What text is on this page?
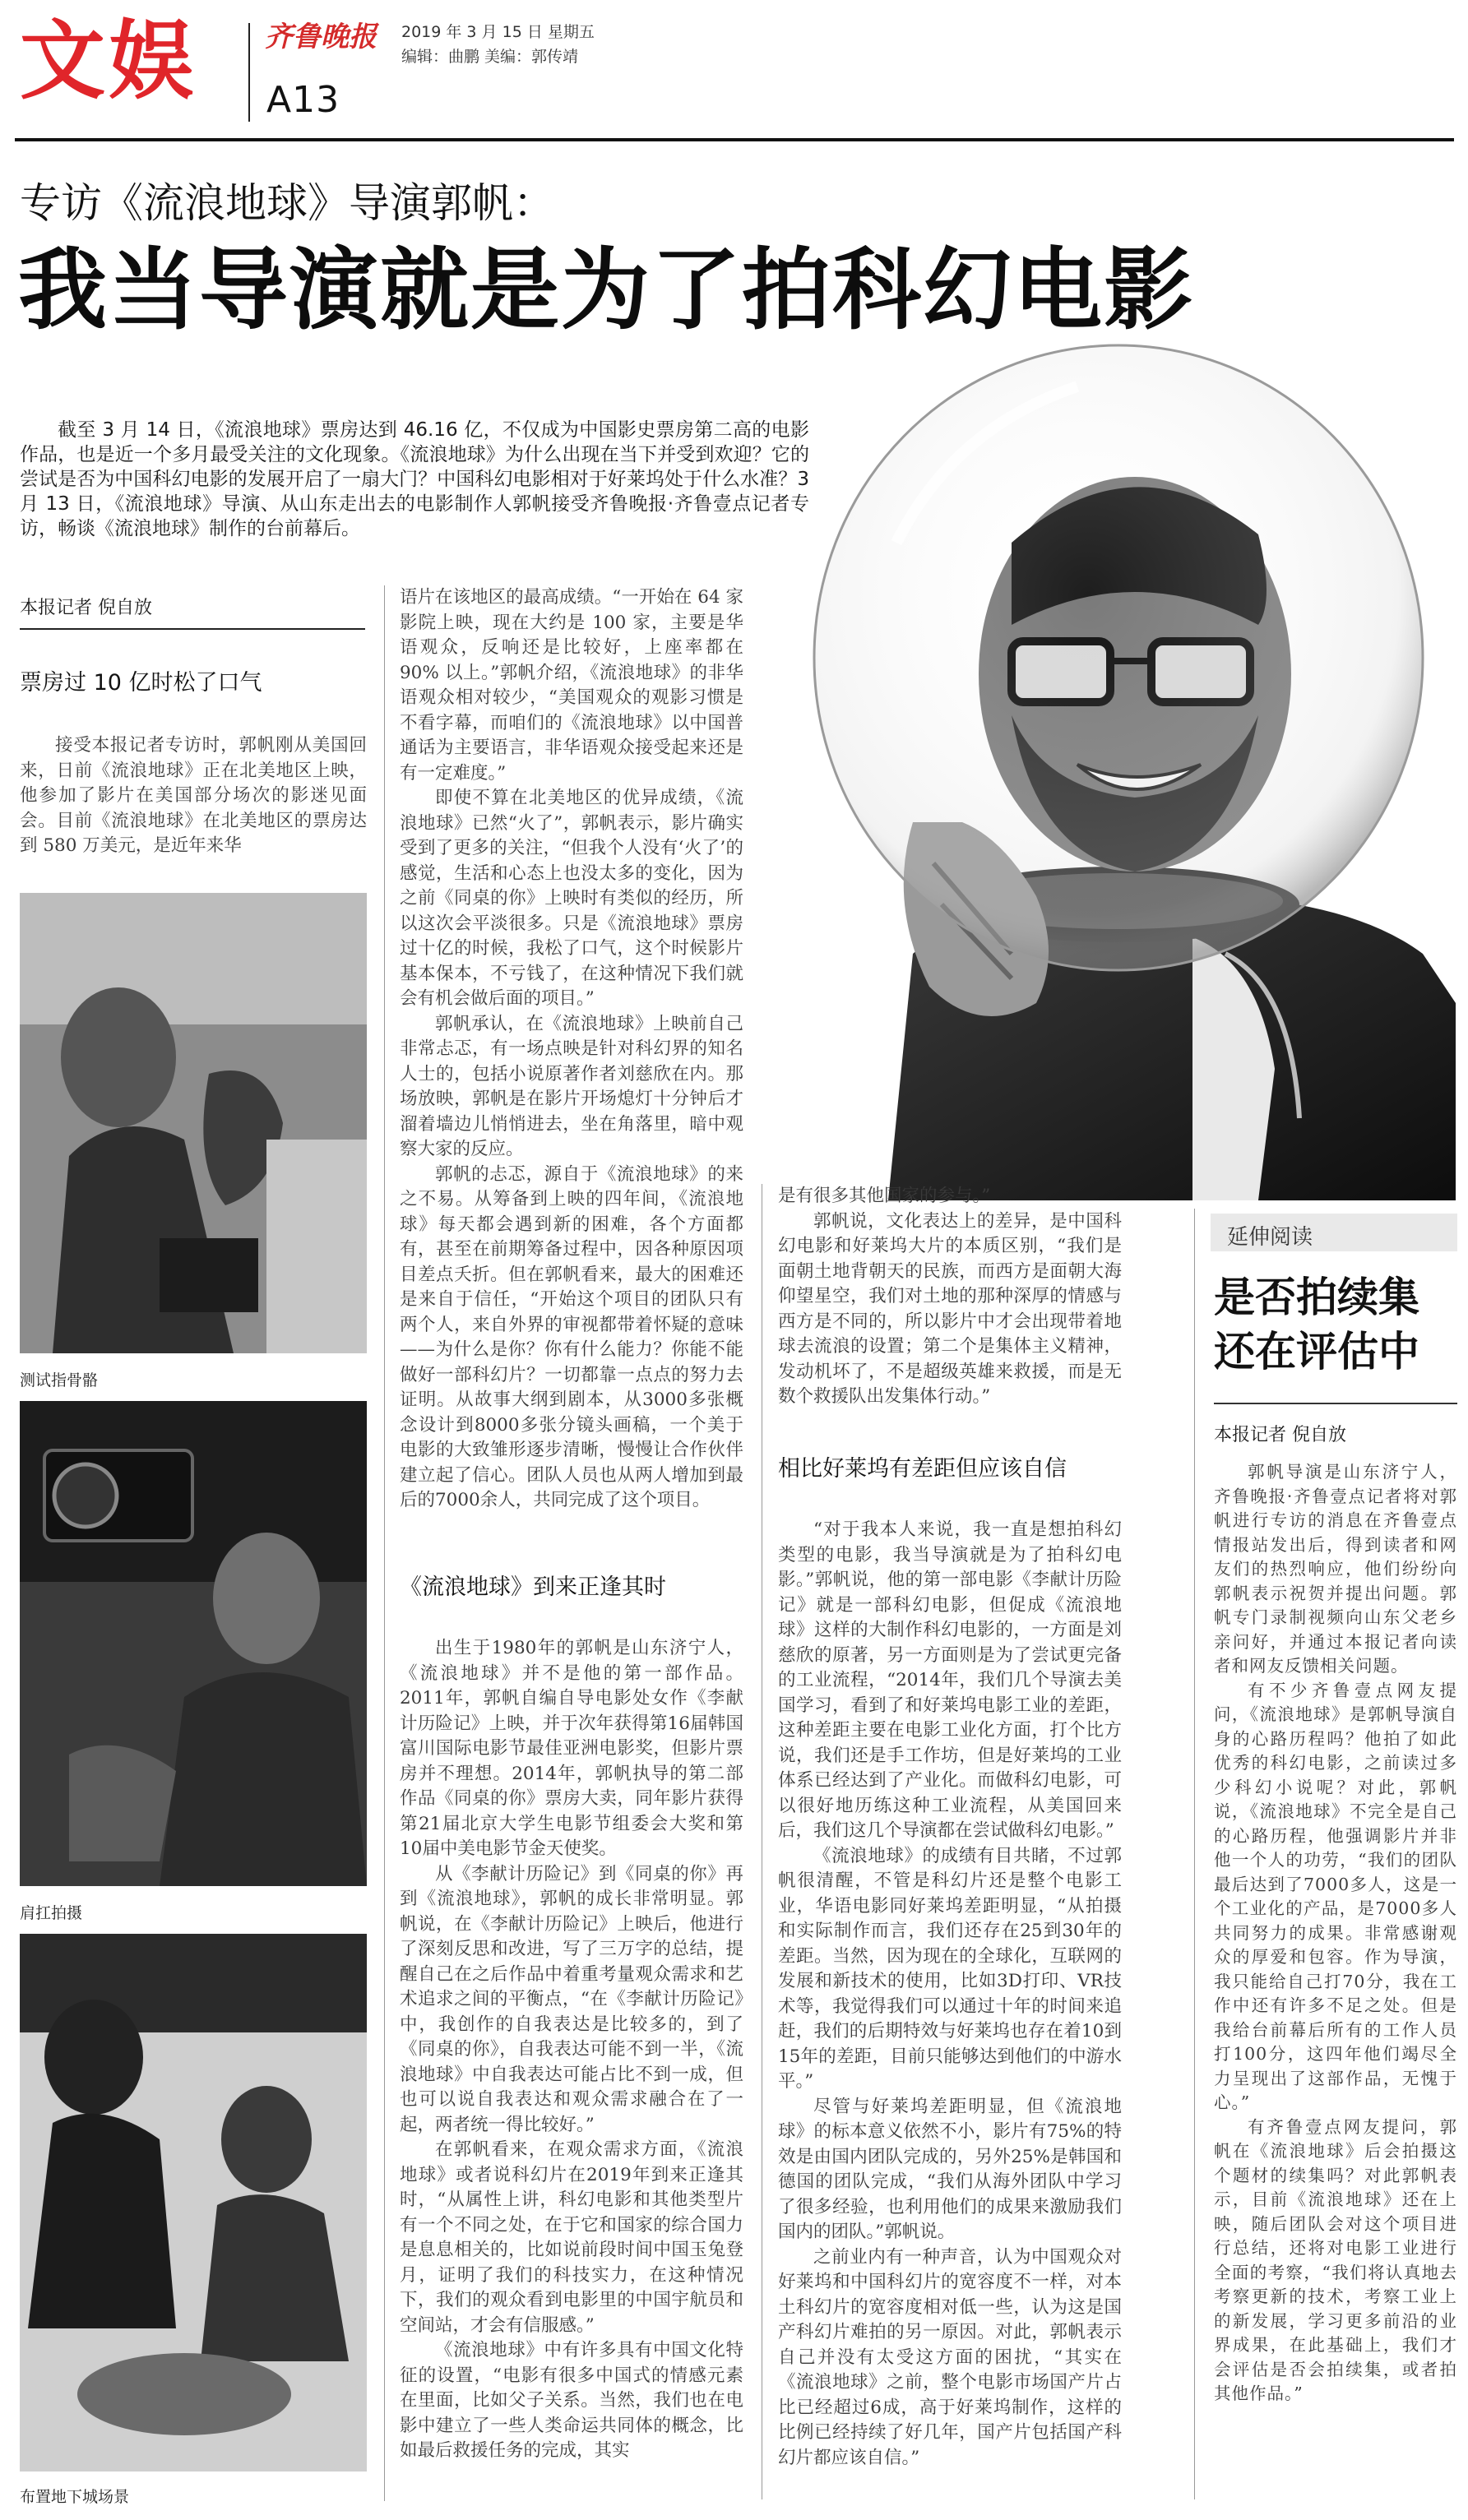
文娱 齐鲁晚报 2019 年 3 月 15 日 星期五
编辑：曲鹏 美编：郭传靖
A13
专访《流浪地球》导演郭帆：
我当导演就是为了拍科幻电影

截至 3 月 14 日，《流浪地球》票房达到 46.16 亿，不仅成为中国影史票房第二高的电影作品，也是近一个多月最受关注的文化现象。《流浪地球》为什么出现在当下并受到欢迎？它的尝试是否为中国科幻电影的发展开启了一扇大门？中国科幻电影相对于好莱坞处于什么水准？3 月 13 日，《流浪地球》导演、从山东走出去的电影制作人郭帆接受齐鲁晚报·齐鲁壹点记者专访，畅谈《流浪地球》制作的台前幕后。

本报记者 倪自放
票房过 10 亿时松了口气

接受本报记者专访时，郭帆刚从美国回来，日前《流浪地球》正在北美地区上映，他参加了影片在美国部分场次的影迷见面会。目前《流浪地球》在北美地区的票房达到 580 万美元，是近年来华

测试指骨骼
肩扛拍摄
布置地下城场景

语片在该地区的最高成绩。“一开始在 64 家影院上映，现在大约是 100 家，主要是华语观众，反响还是比较好，上座率都在 90% 以上。”郭帆介绍，《流浪地球》的非华语观众相对较少，“美国观众的观影习惯是不看字幕，而咱们的《流浪地球》以中国普通话为主要语言，非华语观众接受起来还是有一定难度。”

即使不算在北美地区的优异成绩，《流浪地球》已然“火了”，郭帆表示，影片确实受到了更多的关注，“但我个人没有‘火了’的感觉，生活和心态上也没太多的变化，因为之前《同桌的你》上映时有类似的经历，所以这次会平淡很多。只是《流浪地球》票房过十亿的时候，我松了口气，这个时候影片基本保本，不亏钱了，在这种情况下我们就会有机会做后面的项目。”

郭帆承认，在《流浪地球》上映前自己非常忐忑，有一场点映是针对科幻界的知名人士的，包括小说原著作者刘慈欣在内。那场放映，郭帆是在影片开场熄灯十分钟后才溜着墙边儿悄悄进去，坐在角落里，暗中观察大家的反应。

郭帆的忐忑，源自于《流浪地球》的来之不易。从筹备到上映的四年间，《流浪地球》每天都会遇到新的困难，各个方面都有，甚至在前期筹备过程中，因各种原因项目差点夭折。但在郭帆看来，最大的困难还是来自于信任，“开始这个项目的团队只有两个人，来自外界的审视都带着怀疑的意味——为什么是你？你有什么能力？你能不能做好一部科幻片？一切都靠一点点的努力去证明。从故事大纲到剧本，从3000多张概念设计到8000多张分镜头画稿，一个美于电影的大致雏形逐步清晰，慢慢让合作伙伴建立起了信心。团队人员也从两人增加到最后的7000余人，共同完成了这个项目。

《流浪地球》到来正逢其时

出生于1980年的郭帆是山东济宁人，《流浪地球》并不是他的第一部作品。2011年，郭帆自编自导电影处女作《李献计历险记》上映，并于次年获得第16届韩国富川国际电影节最佳亚洲电影奖，但影片票房并不理想。2014年，郭帆执导的第二部作品《同桌的你》票房大卖，同年影片获得第21届北京大学生电影节组委会大奖和第10届中美电影节金天使奖。

从《李献计历险记》到《同桌的你》再到《流浪地球》，郭帆的成长非常明显。郭帆说，在《李献计历险记》上映后，他进行了深刻反思和改进，写了三万字的总结，提醒自己在之后作品中着重考量观众需求和艺术追求之间的平衡点，“在《李献计历险记》中，我创作的自我表达是比较多的，到了《同桌的你》，自我表达可能不到一半，《流浪地球》中自我表达可能占比不到一成，但也可以说自我表达和观众需求融合在了一起，两者统一得比较好。”

在郭帆看来，在观众需求方面，《流浪地球》或者说科幻片在2019年到来正逢其时，“从属性上讲，科幻电影和其他类型片有一个不同之处，在于它和国家的综合国力是息息相关的，比如说前段时间中国玉兔登月，证明了我们的科技实力，在这种情况下，我们的观众看到电影里的中国宇航员和空间站，才会有信服感。”

《流浪地球》中有许多具有中国文化特征的设置，“电影有很多中国式的情感元素在里面，比如父子关系。当然，我们也在电影中建立了一些人类命运共同体的概念，比如最后救援任务的完成，其实

是有很多其他国家的参与。”

郭帆说，文化表达上的差异，是中国科幻电影和好莱坞大片的本质区别，“我们是面朝土地背朝天的民族，而西方是面朝大海仰望星空，我们对土地的那种深厚的情感与西方是不同的，所以影片中才会出现带着地球去流浪的设置；第二个是集体主义精神，发动机坏了，不是超级英雄来救援，而是无数个救援队出发集体行动。”

相比好莱坞有差距但应该自信

“对于我本人来说，我一直是想拍科幻类型的电影，我当导演就是为了拍科幻电影。”郭帆说，他的第一部电影《李献计历险记》就是一部科幻电影，但促成《流浪地球》这样的大制作科幻电影的，一方面是刘慈欣的原著，另一方面则是为了尝试更完备的工业流程，“2014年，我们几个导演去美国学习，看到了和好莱坞电影工业的差距，这种差距主要在电影工业化方面，打个比方说，我们还是手工作坊，但是好莱坞的工业体系已经达到了产业化。而做科幻电影，可以很好地历练这种工业流程，从美国回来后，我们这几个导演都在尝试做科幻电影。”

《流浪地球》的成绩有目共睹，不过郭帆很清醒，不管是科幻片还是整个电影工业，华语电影同好莱坞差距明显，“从拍摄和实际制作而言，我们还存在25到30年的差距。当然，因为现在的全球化，互联网的发展和新技术的使用，比如3D打印、VR技术等，我觉得我们可以通过十年的时间来追赶，我们的后期特效与好莱坞也存在着10到15年的差距，目前只能够达到他们的中游水平。”

尽管与好莱坞差距明显，但《流浪地球》的标本意义依然不小，影片有75%的特效是由国内团队完成的，另外25%是韩国和德国的团队完成，“我们从海外团队中学习了很多经验，也利用他们的成果来激励我们国内的团队。”郭帆说。

之前业内有一种声音，认为中国观众对好莱坞和中国科幻片的宽容度不一样，对本土科幻片的宽容度相对低一些，认为这是国产科幻片难拍的另一原因。对此，郭帆表示自己并没有太受这方面的困扰，“其实在《流浪地球》之前，整个电影市场国产片占比已经超过6成，高于好莱坞制作，这样的比例已经持续了好几年，国产片包括国产科幻片都应该自信。”

延伸阅读
是否拍续集
还在评估中
本报记者 倪自放

郭帆导演是山东济宁人，齐鲁晚报·齐鲁壹点记者将对郭帆进行专访的消息在齐鲁壹点情报站发出后，得到读者和网友们的热烈响应，他们纷纷向郭帆表示祝贺并提出问题。郭帆专门录制视频向山东父老乡亲问好，并通过本报记者向读者和网友反馈相关问题。

有不少齐鲁壹点网友提问，《流浪地球》是郭帆导演自身的心路历程吗？他拍了如此优秀的科幻电影，之前读过多少科幻小说呢？对此，郭帆说，《流浪地球》不完全是自己的心路历程，他强调影片并非他一个人的功劳，“我们的团队最后达到了7000多人，这是一个工业化的产品，是7000多人共同努力的成果。非常感谢观众的厚爱和包容。作为导演，我只能给自己打70分，我在工作中还有许多不足之处。但是我给台前幕后所有的工作人员打100分，这四年他们竭尽全力呈现出了这部作品，无愧于心。”

有齐鲁壹点网友提问，郭帆在《流浪地球》后会拍摄这个题材的续集吗？对此郭帆表示，目前《流浪地球》还在上映，随后团队会对这个项目进行总结，还将对电影工业进行全面的考察，“我们将认真地去考察更新的技术，考察工业上的新发展，学习更多前沿的业界成果，在此基础上，我们才会评估是否会拍续集，或者拍其他作品。”
